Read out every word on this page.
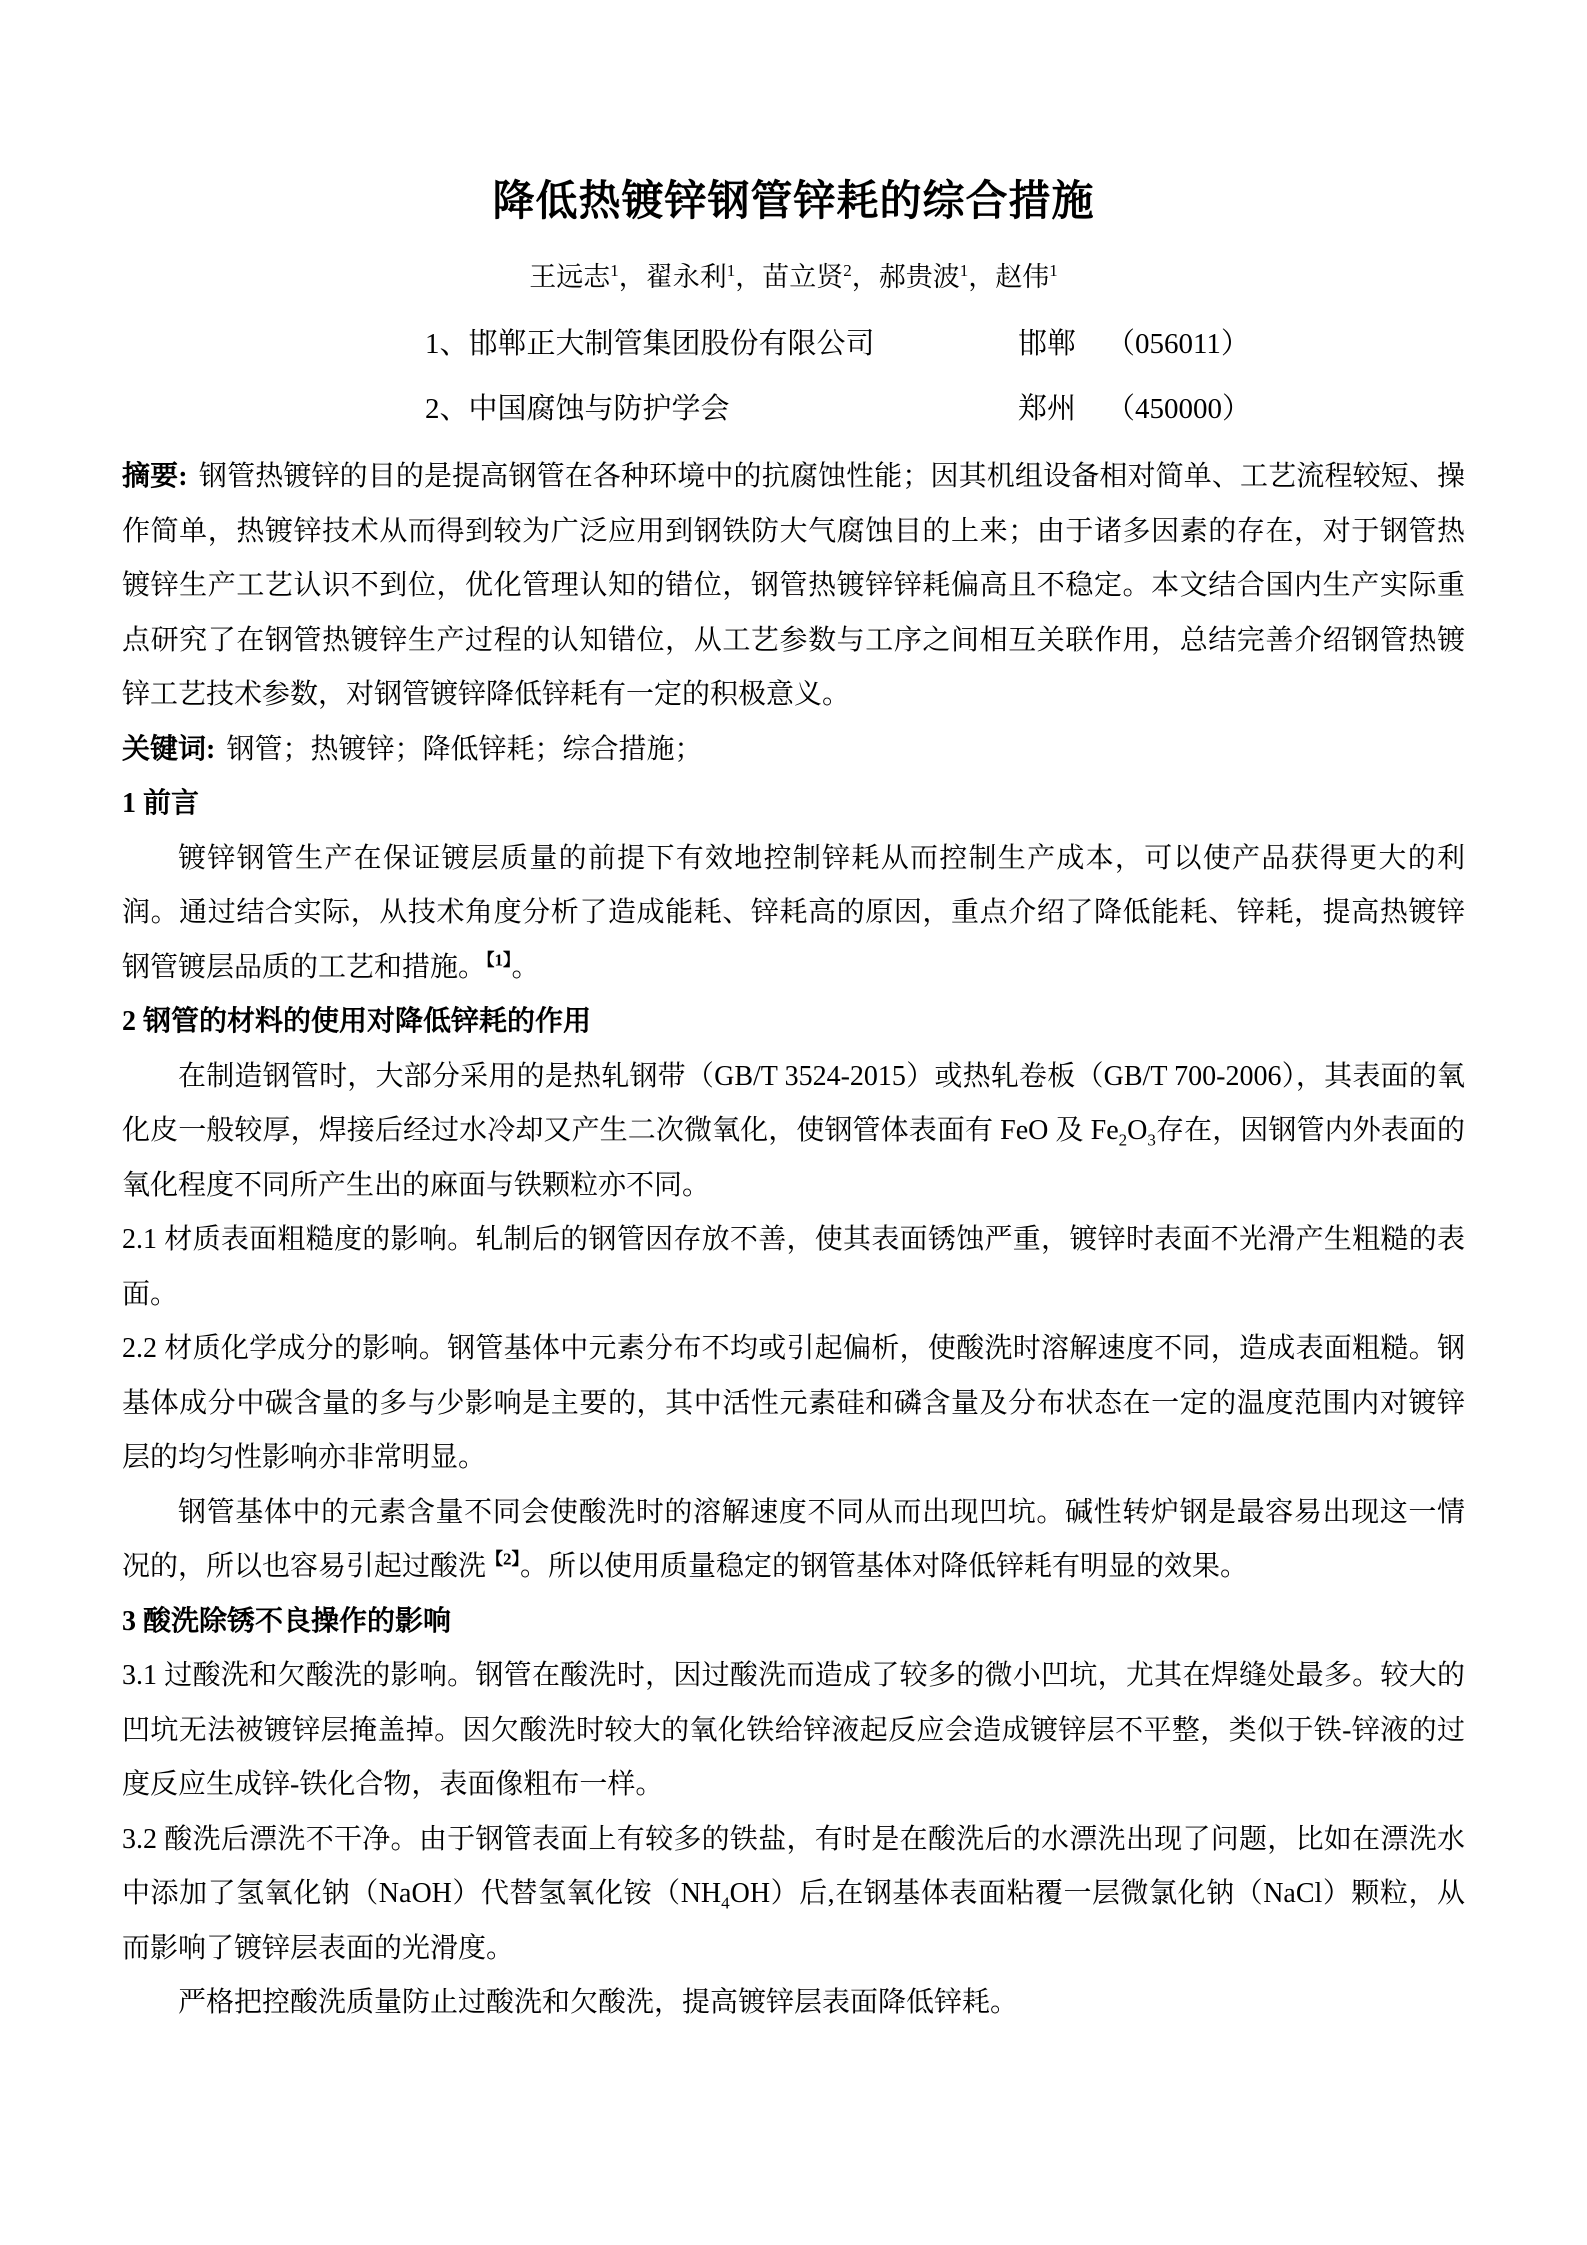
降低热镀锌钢管锌耗的综合措施
王远志$^1$，翟永利$^1$，苗立贤$^2$，郝贵波$^1$，赵伟$^1$
1、邯郸正大制管集团股份有限公司	邯郸 （056011）
2、中国腐蚀与防护学会	郑州 （450000）

摘要: 钢管热镀锌的目的是提高钢管在各种环境中的抗腐蚀性能；因其机组设备相对简单、工艺流程较短、操作简单，热镀锌技术从而得到较为广泛应用到钢铁防大气腐蚀目的上来；由于诸多因素的存在，对于钢管热镀锌生产工艺认识不到位，优化管理认知的错位，钢管热镀锌锌耗偏高且不稳定。本文结合国内生产实际重点研究了在钢管热镀锌生产过程的认知错位，从工艺参数与工序之间相互关联作用，总结完善介绍钢管热镀锌工艺技术参数，对钢管镀锌降低锌耗有一定的积极意义。

关键词: 钢管；热镀锌；降低锌耗；综合措施；

1 前言

镀锌钢管生产在保证镀层质量的前提下有效地控制锌耗从而控制生产成本，可以使产品获得更大的利润。通过结合实际，从技术角度分析了造成能耗、锌耗高的原因，重点介绍了降低能耗、锌耗，提高热镀锌钢管镀层品质的工艺和措施。$^{【1】}$。

2 钢管的材料的使用对降低锌耗的作用

在制造钢管时，大部分采用的是热轧钢带（GB/T 3524-2015）或热轧卷板（GB/T 700-2006），其表面的氧化皮一般较厚，焊接后经过水冷却又产生二次微氧化，使钢管体表面有 FeO 及 $Fe_2O_3$存在，因钢管内外表面的氧化程度不同所产生出的麻面与铁颗粒亦不同。

2.1 材质表面粗糙度的影响。轧制后的钢管因存放不善，使其表面锈蚀严重，镀锌时表面不光滑产生粗糙的表面。

2.2 材质化学成分的影响。钢管基体中元素分布不均或引起偏析，使酸洗时溶解速度不同，造成表面粗糙。钢基体成分中碳含量的多与少影响是主要的，其中活性元素硅和磷含量及分布状态在一定的温度范围内对镀锌层的均匀性影响亦非常明显。

钢管基体中的元素含量不同会使酸洗时的溶解速度不同从而出现凹坑。碱性转炉钢是最容易出现这一情况的，所以也容易引起过酸洗$^{【2】}$。所以使用质量稳定的钢管基体对降低锌耗有明显的效果。

3 酸洗除锈不良操作的影响

3.1 过酸洗和欠酸洗的影响。钢管在酸洗时，因过酸洗而造成了较多的微小凹坑，尤其在焊缝处最多。较大的凹坑无法被镀锌层掩盖掉。因欠酸洗时较大的氧化铁给锌液起反应会造成镀锌层不平整，类似于铁-锌液的过度反应生成锌-铁化合物，表面像粗布一样。

3.2 酸洗后漂洗不干净。由于钢管表面上有较多的铁盐，有时是在酸洗后的水漂洗出现了问题，比如在漂洗水中添加了氢氧化钠（NaOH）代替氢氧化铵$(NH_4OH)$后,在钢基体表面粘覆一层微氯化钠（NaCl）颗粒，从而影响了镀锌层表面的光滑度。

严格把控酸洗质量防止过酸洗和欠酸洗，提高镀锌层表面降低锌耗。
